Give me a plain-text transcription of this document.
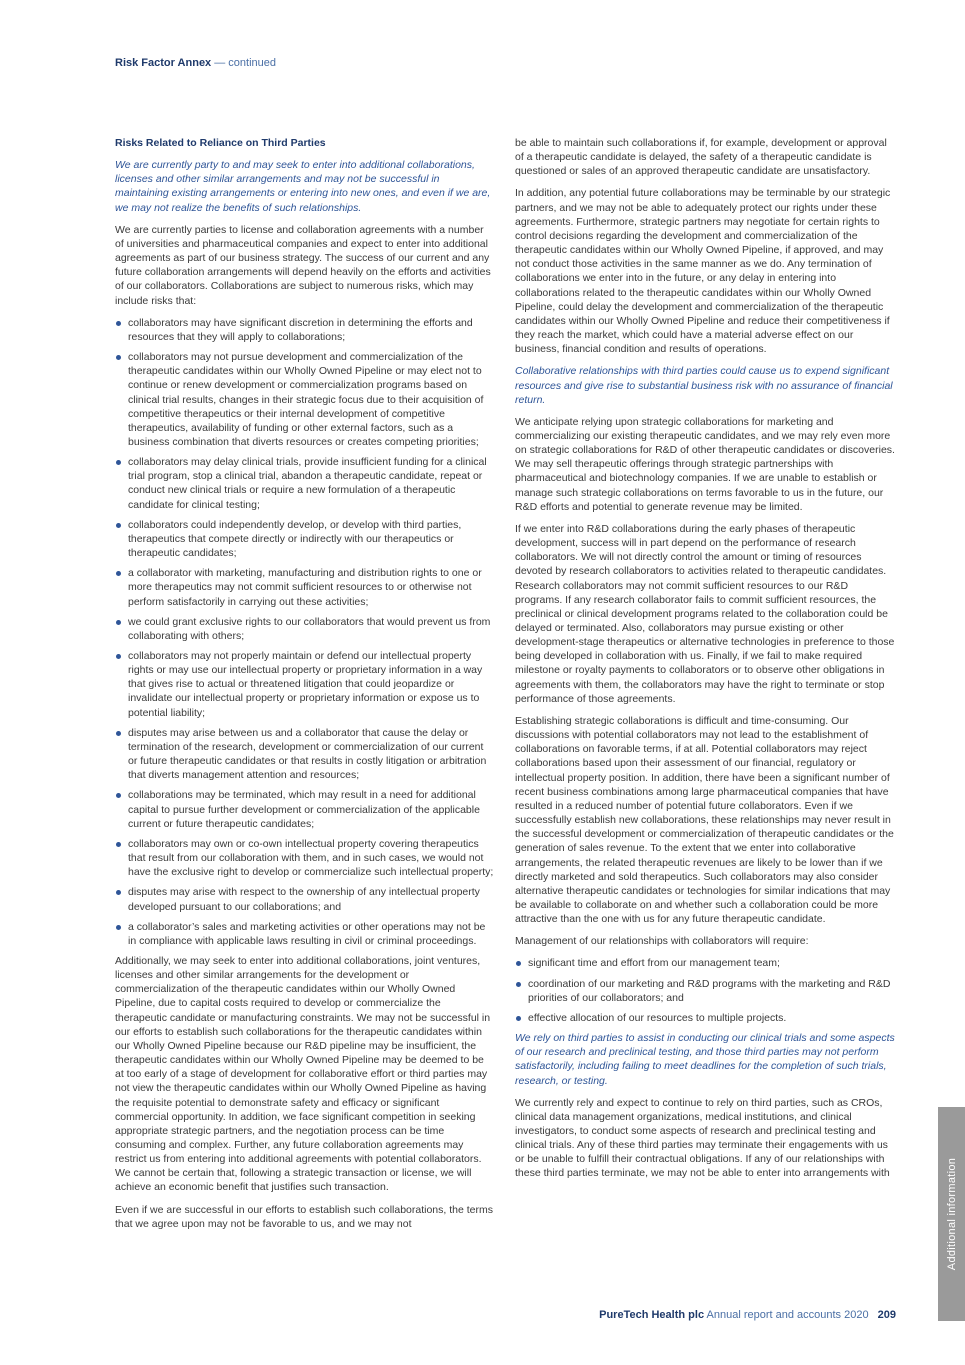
Risk Factor Annex — continued

Risks Related to Reliance on Third Parties

We are currently party to and may seek to enter into additional collaborations, licenses and other similar arrangements and may not be successful in maintaining existing arrangements or entering into new ones, and even if we are, we may not realize the benefits of such relationships.

We are currently parties to license and collaboration agreements with a number of universities and pharmaceutical companies and expect to enter into additional agreements as part of our business strategy. The success of our current and any future collaboration arrangements will depend heavily on the efforts and activities of our collaborators. Collaborations are subject to numerous risks, which may include risks that:

collaborators may have significant discretion in determining the efforts and resources that they will apply to collaborations;
collaborators may not pursue development and commercialization of the therapeutic candidates within our Wholly Owned Pipeline or may elect not to continue or renew development or commercialization programs based on clinical trial results, changes in their strategic focus due to their acquisition of competitive therapeutics or their internal development of competitive therapeutics, availability of funding or other external factors, such as a business combination that diverts resources or creates competing priorities;
collaborators may delay clinical trials, provide insufficient funding for a clinical trial program, stop a clinical trial, abandon a therapeutic candidate, repeat or conduct new clinical trials or require a new formulation of a therapeutic candidate for clinical testing;
collaborators could independently develop, or develop with third parties, therapeutics that compete directly or indirectly with our therapeutics or therapeutic candidates;
a collaborator with marketing, manufacturing and distribution rights to one or more therapeutics may not commit sufficient resources to or otherwise not perform satisfactorily in carrying out these activities;
we could grant exclusive rights to our collaborators that would prevent us from collaborating with others;
collaborators may not properly maintain or defend our intellectual property rights or may use our intellectual property or proprietary information in a way that gives rise to actual or threatened litigation that could jeopardize or invalidate our intellectual property or proprietary information or expose us to potential liability;
disputes may arise between us and a collaborator that cause the delay or termination of the research, development or commercialization of our current or future therapeutic candidates or that results in costly litigation or arbitration that diverts management attention and resources;
collaborations may be terminated, which may result in a need for additional capital to pursue further development or commercialization of the applicable current or future therapeutic candidates;
collaborators may own or co-own intellectual property covering therapeutics that result from our collaboration with them, and in such cases, we would not have the exclusive right to develop or commercialize such intellectual property;
disputes may arise with respect to the ownership of any intellectual property developed pursuant to our collaborations; and
a collaborator’s sales and marketing activities or other operations may not be in compliance with applicable laws resulting in civil or criminal proceedings.

Additionally, we may seek to enter into additional collaborations, joint ventures, licenses and other similar arrangements for the development or commercialization of the therapeutic candidates within our Wholly Owned Pipeline, due to capital costs required to develop or commercialize the therapeutic candidate or manufacturing constraints. We may not be successful in our efforts to establish such collaborations for the therapeutic candidates within our Wholly Owned Pipeline because our R&D pipeline may be insufficient, the therapeutic candidates within our Wholly Owned Pipeline may be deemed to be at too early of a stage of development for collaborative effort or third parties may not view the therapeutic candidates within our Wholly Owned Pipeline as having the requisite potential to demonstrate safety and efficacy or significant commercial opportunity. In addition, we face significant competition in seeking appropriate strategic partners, and the negotiation process can be time consuming and complex. Further, any future collaboration agreements may restrict us from entering into additional agreements with potential collaborators. We cannot be certain that, following a strategic transaction or license, we will achieve an economic benefit that justifies such transaction.

Even if we are successful in our efforts to establish such collaborations, the terms that we agree upon may not be favorable to us, and we may not

be able to maintain such collaborations if, for example, development or approval of a therapeutic candidate is delayed, the safety of a therapeutic candidate is questioned or sales of an approved therapeutic candidate are unsatisfactory.

In addition, any potential future collaborations may be terminable by our strategic partners, and we may not be able to adequately protect our rights under these agreements. Furthermore, strategic partners may negotiate for certain rights to control decisions regarding the development and commercialization of the therapeutic candidates within our Wholly Owned Pipeline, if approved, and may not conduct those activities in the same manner as we do. Any termination of collaborations we enter into in the future, or any delay in entering into collaborations related to the therapeutic candidates within our Wholly Owned Pipeline, could delay the development and commercialization of the therapeutic candidates within our Wholly Owned Pipeline and reduce their competitiveness if they reach the market, which could have a material adverse effect on our business, financial condition and results of operations.

Collaborative relationships with third parties could cause us to expend significant resources and give rise to substantial business risk with no assurance of financial return.

We anticipate relying upon strategic collaborations for marketing and commercializing our existing therapeutic candidates, and we may rely even more on strategic collaborations for R&D of other therapeutic candidates or discoveries. We may sell therapeutic offerings through strategic partnerships with pharmaceutical and biotechnology companies. If we are unable to establish or manage such strategic collaborations on terms favorable to us in the future, our R&D efforts and potential to generate revenue may be limited.

If we enter into R&D collaborations during the early phases of therapeutic development, success will in part depend on the performance of research collaborators. We will not directly control the amount or timing of resources devoted by research collaborators to activities related to therapeutic candidates. Research collaborators may not commit sufficient resources to our R&D programs. If any research collaborator fails to commit sufficient resources, the preclinical or clinical development programs related to the collaboration could be delayed or terminated. Also, collaborators may pursue existing or other development-stage therapeutics or alternative technologies in preference to those being developed in collaboration with us. Finally, if we fail to make required milestone or royalty payments to collaborators or to observe other obligations in agreements with them, the collaborators may have the right to terminate or stop performance of those agreements.

Establishing strategic collaborations is difficult and time-consuming. Our discussions with potential collaborators may not lead to the establishment of collaborations on favorable terms, if at all. Potential collaborators may reject collaborations based upon their assessment of our financial, regulatory or intellectual property position. In addition, there have been a significant number of recent business combinations among large pharmaceutical companies that have resulted in a reduced number of potential future collaborators. Even if we successfully establish new collaborations, these relationships may never result in the successful development or commercialization of therapeutic candidates or the generation of sales revenue. To the extent that we enter into collaborative arrangements, the related therapeutic revenues are likely to be lower than if we directly marketed and sold therapeutics. Such collaborators may also consider alternative therapeutic candidates or technologies for similar indications that may be available to collaborate on and whether such a collaboration could be more attractive than the one with us for any future therapeutic candidate.

Management of our relationships with collaborators will require:

significant time and effort from our management team;
coordination of our marketing and R&D programs with the marketing and R&D priorities of our collaborators; and
effective allocation of our resources to multiple projects.

We rely on third parties to assist in conducting our clinical trials and some aspects of our research and preclinical testing, and those third parties may not perform satisfactorily, including failing to meet deadlines for the completion of such trials, research, or testing.

We currently rely and expect to continue to rely on third parties, such as CROs, clinical data management organizations, medical institutions, and clinical investigators, to conduct some aspects of research and preclinical testing and clinical trials. Any of these third parties may terminate their engagements with us or be unable to fulfill their contractual obligations. If any of our relationships with these third parties terminate, we may not be able to enter into arrangements with	Additional information
PureTech Health plc Annual report and accounts 2020 209
